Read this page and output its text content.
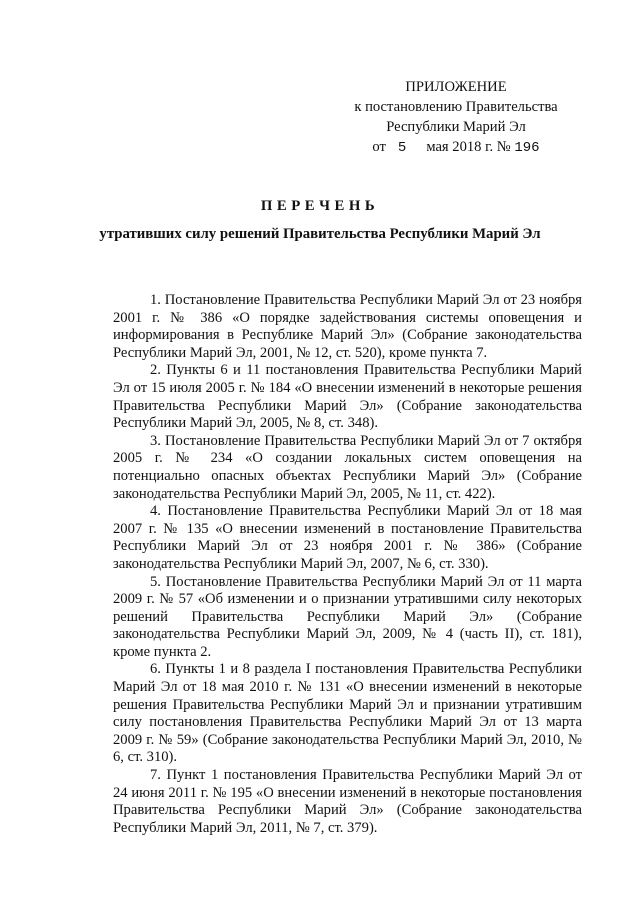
ПРИЛОЖЕНИЕ
к постановлению Правительства
Республики Марий Эл
от 5 мая 2018 г. № 196
ПЕРЕЧЕНЬ
утративших силу решений Правительства Республики Марий Эл

1. Постановление Правительства Республики Марий Эл от 23 ноября 2001 г. № 386 «О порядке задействования системы оповещения и информирования в Республике Марий Эл» (Собрание законодательства Республики Марий Эл, 2001, № 12, ст. 520), кроме пункта 7.

2. Пункты 6 и 11 постановления Правительства Республики Марий Эл от 15 июля 2005 г. № 184 «О внесении изменений в некоторые решения Правительства Республики Марий Эл» (Собрание законодательства Республики Марий Эл, 2005, № 8, ст. 348).

3. Постановление Правительства Республики Марий Эл от 7 октября 2005 г. № 234 «О создании локальных систем оповещения на потенциально опасных объектах Республики Марий Эл» (Собрание законодательства Республики Марий Эл, 2005, № 11, ст. 422).

4. Постановление Правительства Республики Марий Эл от 18 мая 2007 г. № 135 «О внесении изменений в постановление Правительства Республики Марий Эл от 23 ноября 2001 г. № 386» (Собрание законодательства Республики Марий Эл, 2007, № 6, ст. 330).

5. Постановление Правительства Республики Марий Эл от 11 марта 2009 г. № 57 «Об изменении и о признании утратившими силу некоторых решений Правительства Республики Марий Эл» (Собрание законодательства Республики Марий Эл, 2009, № 4 (часть II), ст. 181), кроме пункта 2.

6. Пункты 1 и 8 раздела I постановления Правительства Республики Марий Эл от 18 мая 2010 г. № 131 «О внесении изменений в некоторые решения Правительства Республики Марий Эл и признании утратившим силу постановления Правительства Республики Марий Эл от 13 марта 2009 г. № 59» (Собрание законодательства Республики Марий Эл, 2010, № 6, ст. 310).

7. Пункт 1 постановления Правительства Республики Марий Эл от 24 июня 2011 г. № 195 «О внесении изменений в некоторые постановления Правительства Республики Марий Эл» (Собрание законодательства Республики Марий Эл, 2011, № 7, ст. 379).
